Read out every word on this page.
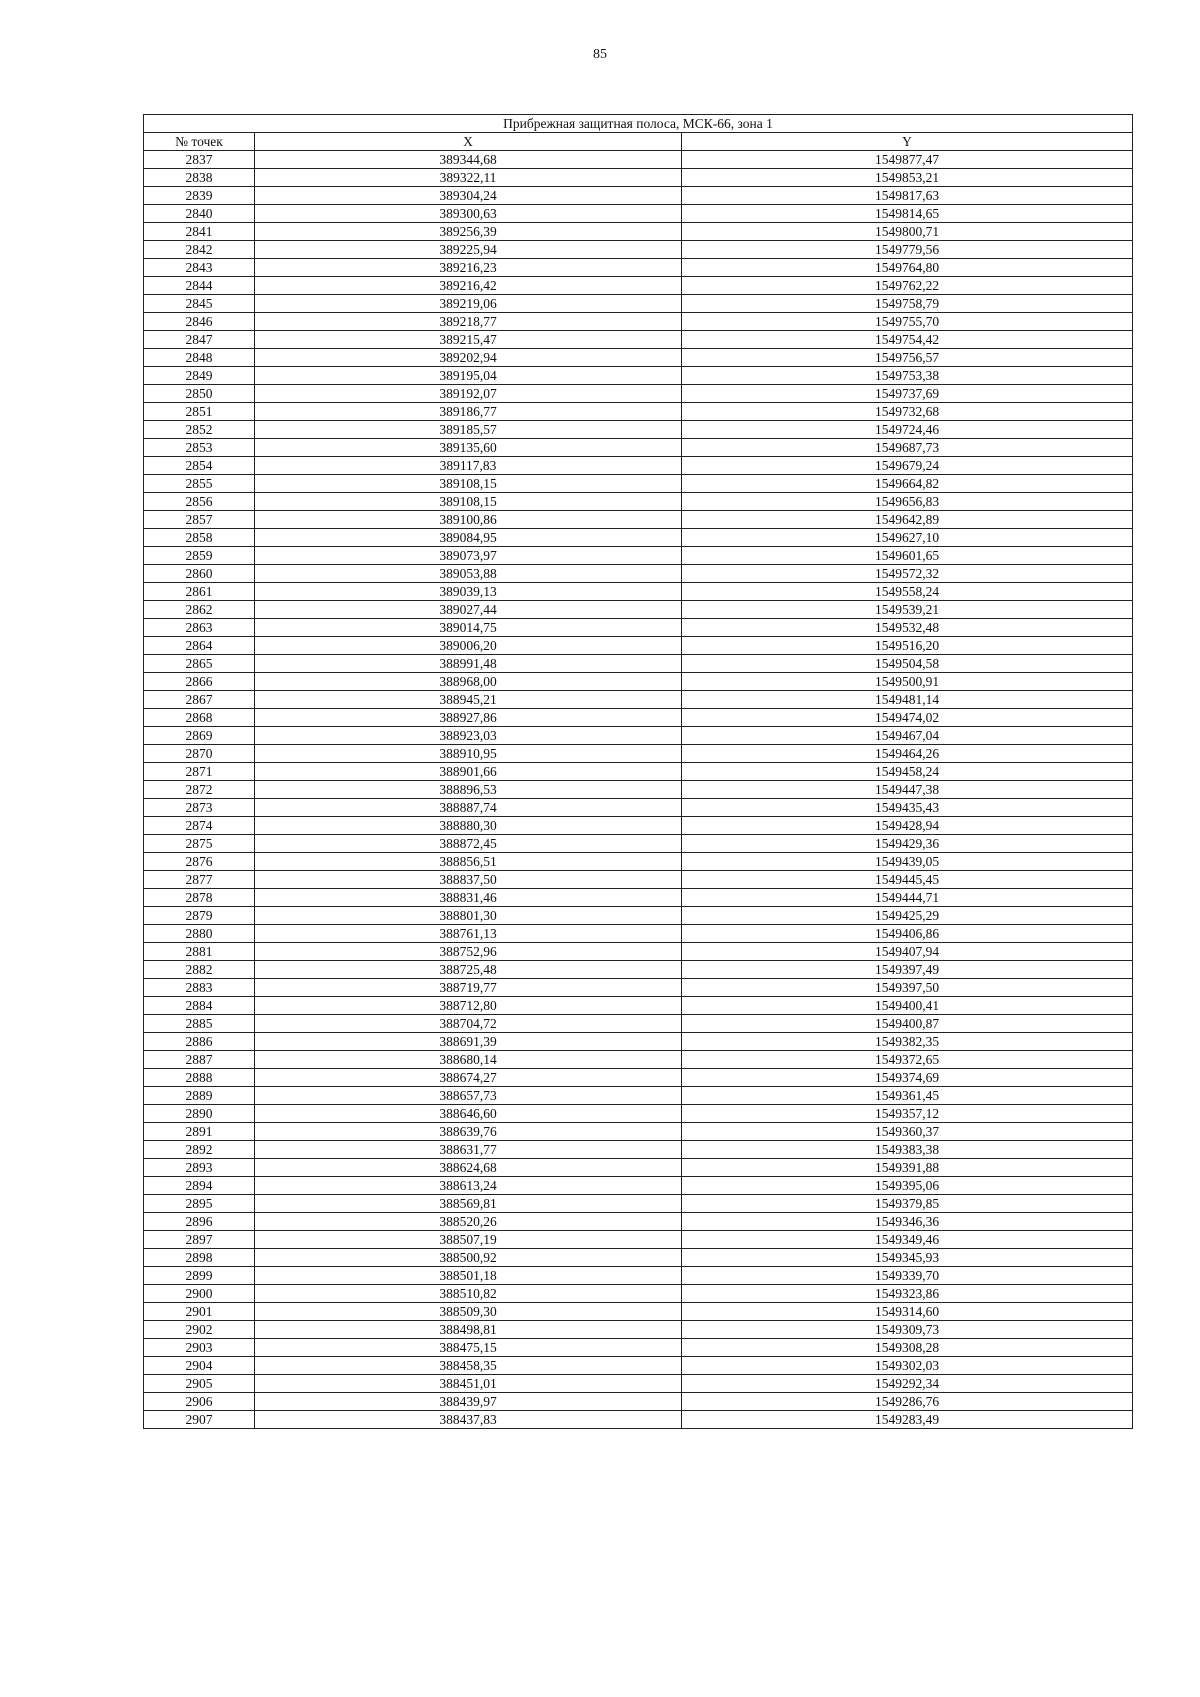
85
Прибрежная защитная полоса, МСК-66, зона 1		
№ точек	X	Y
2837	389344,68	1549877,47
2838	389322,11	1549853,21
2839	389304,24	1549817,63
2840	389300,63	1549814,65
2841	389256,39	1549800,71
2842	389225,94	1549779,56
2843	389216,23	1549764,80
2844	389216,42	1549762,22
2845	389219,06	1549758,79
2846	389218,77	1549755,70
2847	389215,47	1549754,42
2848	389202,94	1549756,57
2849	389195,04	1549753,38
2850	389192,07	1549737,69
2851	389186,77	1549732,68
2852	389185,57	1549724,46
2853	389135,60	1549687,73
2854	389117,83	1549679,24
2855	389108,15	1549664,82
2856	389108,15	1549656,83
2857	389100,86	1549642,89
2858	389084,95	1549627,10
2859	389073,97	1549601,65
2860	389053,88	1549572,32
2861	389039,13	1549558,24
2862	389027,44	1549539,21
2863	389014,75	1549532,48
2864	389006,20	1549516,20
2865	388991,48	1549504,58
2866	388968,00	1549500,91
2867	388945,21	1549481,14
2868	388927,86	1549474,02
2869	388923,03	1549467,04
2870	388910,95	1549464,26
2871	388901,66	1549458,24
2872	388896,53	1549447,38
2873	388887,74	1549435,43
2874	388880,30	1549428,94
2875	388872,45	1549429,36
2876	388856,51	1549439,05
2877	388837,50	1549445,45
2878	388831,46	1549444,71
2879	388801,30	1549425,29
2880	388761,13	1549406,86
2881	388752,96	1549407,94
2882	388725,48	1549397,49
2883	388719,77	1549397,50
2884	388712,80	1549400,41
2885	388704,72	1549400,87
2886	388691,39	1549382,35
2887	388680,14	1549372,65
2888	388674,27	1549374,69
2889	388657,73	1549361,45
2890	388646,60	1549357,12
2891	388639,76	1549360,37
2892	388631,77	1549383,38
2893	388624,68	1549391,88
2894	388613,24	1549395,06
2895	388569,81	1549379,85
2896	388520,26	1549346,36
2897	388507,19	1549349,46
2898	388500,92	1549345,93
2899	388501,18	1549339,70
2900	388510,82	1549323,86
2901	388509,30	1549314,60
2902	388498,81	1549309,73
2903	388475,15	1549308,28
2904	388458,35	1549302,03
2905	388451,01	1549292,34
2906	388439,97	1549286,76
2907	388437,83	1549283,49
